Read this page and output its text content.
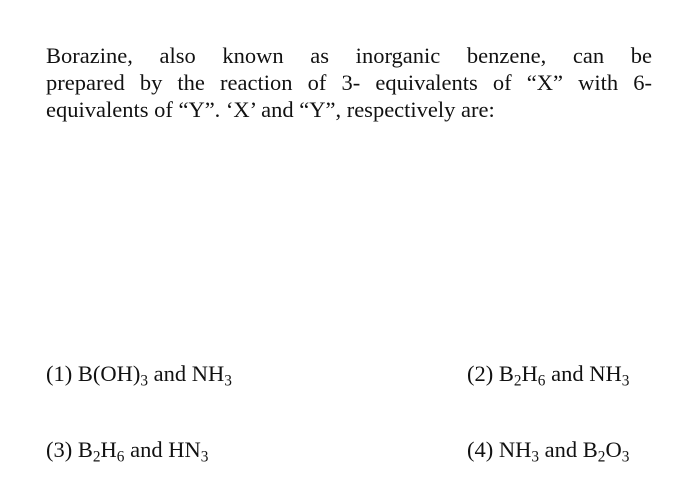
Borazine, also known as inorganic benzene, can be
prepared by the reaction of 3- equivalents of “X” with 6-
equivalents of “Y”. ‘X’ and “Y”, respectively are:
(1) $B(OH)_3$ and $NH_3$	(2) $B_2H_6$ and $NH_3$
(3) $B_2H_6$ and $HN_3$	(4) $NH_3$ and $B_2O_3$
